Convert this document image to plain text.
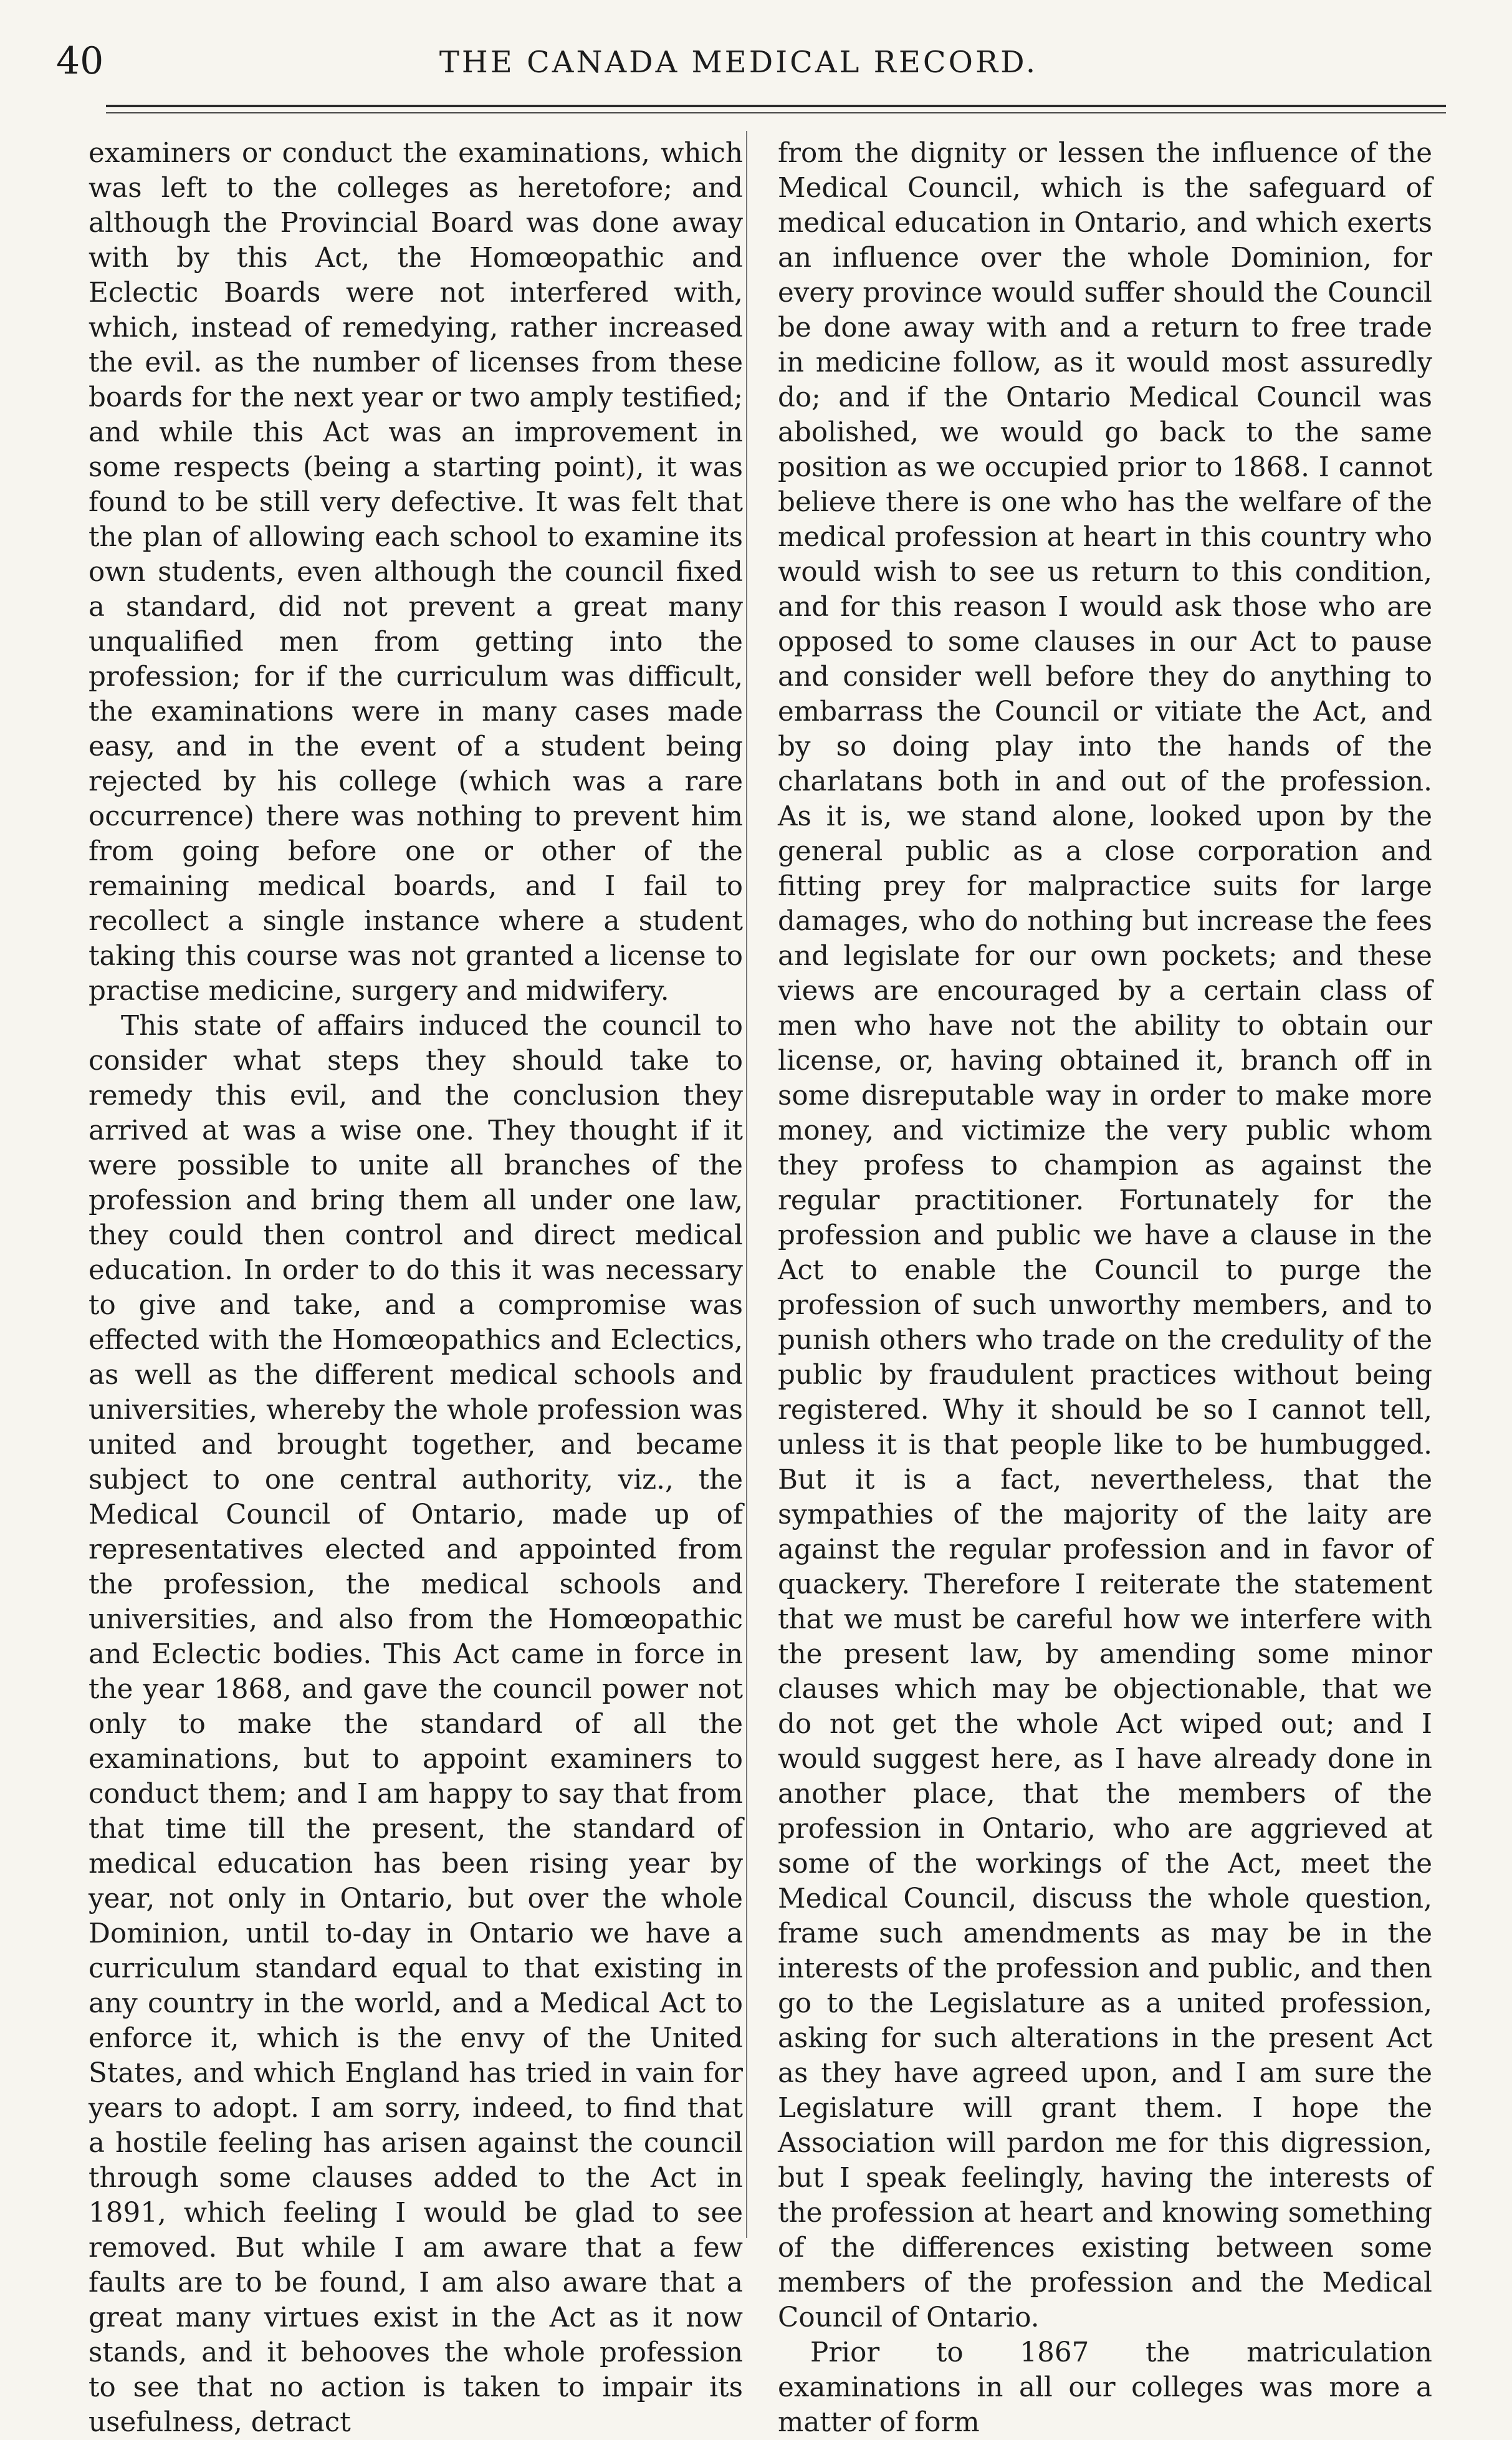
40	THE CANADA MEDICAL RECORD.

examiners or conduct the examinations, which was left to the colleges as heretofore; and although the Provincial Board was done away with by this Act, the Homœopathic and Eclectic Boards were not interfered with, which, instead of remedying, rather increased the evil. as the number of licenses from these boards for the next year or two amply testified; and while this Act was an improvement in some respects (being a starting point), it was found to be still very defective. It was felt that the plan of allowing each school to examine its own students, even although the council fixed a standard, did not prevent a great many unqualified men from getting into the profession; for if the curriculum was difficult, the examinations were in many cases made easy, and in the event of a student being rejected by his college (which was a rare occurrence) there was nothing to prevent him from going before one or other of the remaining medical boards, and I fail to recollect a single instance where a student taking this course was not granted a license to practise medicine, surgery and midwifery.

This state of affairs induced the council to consider what steps they should take to remedy this evil, and the conclusion they arrived at was a wise one. They thought if it were possible to unite all branches of the profession and bring them all under one law, they could then control and direct medical education. In order to do this it was necessary to give and take, and a compromise was effected with the Homœopathics and Eclectics, as well as the different medical schools and universities, whereby the whole profession was united and brought together, and became subject to one central authority, viz., the Medical Council of Ontario, made up of representatives elected and appointed from the profession, the medical schools and universities, and also from the Homœopathic and Eclectic bodies. This Act came in force in the year 1868, and gave the council power not only to make the standard of all the examinations, but to appoint examiners to conduct them; and I am happy to say that from that time till the present, the standard of medical education has been rising year by year, not only in Ontario, but over the whole Dominion, until to-day in Ontario we have a curriculum standard equal to that existing in any country in the world, and a Medical Act to enforce it, which is the envy of the United States, and which England has tried in vain for years to adopt. I am sorry, indeed, to find that a hostile feeling has arisen against the council through some clauses added to the Act in 1891, which feeling I would be glad to see removed. But while I am aware that a few faults are to be found, I am also aware that a great many virtues exist in the Act as it now stands, and it behooves the whole profession to see that no action is taken to impair its usefulness, detract

from the dignity or lessen the influence of the Medical Council, which is the safeguard of medical education in Ontario, and which exerts an influence over the whole Dominion, for every province would suffer should the Council be done away with and a return to free trade in medicine follow, as it would most assuredly do; and if the Ontario Medical Council was abolished, we would go back to the same position as we occupied prior to 1868. I cannot believe there is one who has the welfare of the medical profession at heart in this country who would wish to see us return to this condition, and for this reason I would ask those who are opposed to some clauses in our Act to pause and consider well before they do anything to embarrass the Council or vitiate the Act, and by so doing play into the hands of the charlatans both in and out of the profession. As it is, we stand alone, looked upon by the general public as a close corporation and fitting prey for malpractice suits for large damages, who do nothing but increase the fees and legislate for our own pockets; and these views are encouraged by a certain class of men who have not the ability to obtain our license, or, having obtained it, branch off in some disreputable way in order to make more money, and victimize the very public whom they profess to champion as against the regular practitioner. Fortunately for the profession and public we have a clause in the Act to enable the Council to purge the profession of such unworthy members, and to punish others who trade on the credulity of the public by fraudulent practices without being registered. Why it should be so I cannot tell, unless it is that people like to be humbugged. But it is a fact, nevertheless, that the sympathies of the majority of the laity are against the regular profession and in favor of quackery. Therefore I reiterate the statement that we must be careful how we interfere with the present law, by amending some minor clauses which may be objectionable, that we do not get the whole Act wiped out; and I would suggest here, as I have already done in another place, that the members of the profession in Ontario, who are aggrieved at some of the workings of the Act, meet the Medical Council, discuss the whole question, frame such amendments as may be in the interests of the profession and public, and then go to the Legislature as a united profession, asking for such alterations in the present Act as they have agreed upon, and I am sure the Legislature will grant them. I hope the Association will pardon me for this digression, but I speak feelingly, having the interests of the profession at heart and knowing something of the differences existing between some members of the profession and the Medical Council of Ontario.

Prior to 1867 the matriculation examinations in all our colleges was more a matter of form
